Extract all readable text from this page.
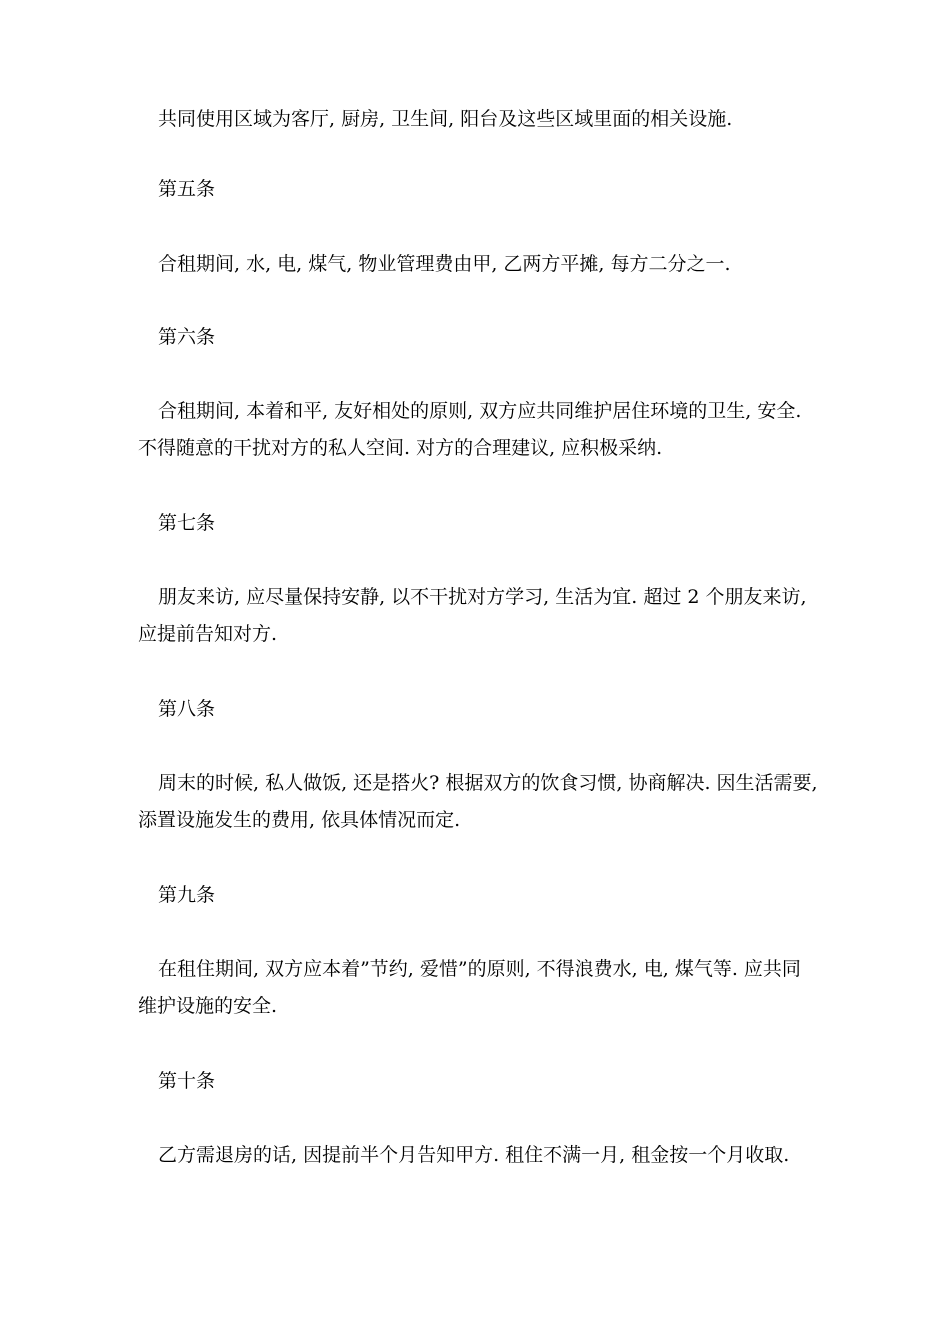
共同使用区域为客厅, 厨房, 卫生间, 阳台及这些区域里面的相关设施.
第五条
合租期间, 水, 电, 煤气, 物业管理费由甲, 乙两方平摊, 每方二分之一.
第六条
合租期间, 本着和平, 友好相处的原则, 双方应共同维护居住环境的卫生, 安全.
不得随意的干扰对方的私人空间. 对方的合理建议, 应积极采纳.
第七条
朋友来访, 应尽量保持安静, 以不干扰对方学习, 生活为宜. 超过 2 个朋友来访,
应提前告知对方.
第八条
周末的时候, 私人做饭, 还是搭火? 根据双方的饮食习惯, 协商解决. 因生活需要,
添置设施发生的费用, 依具体情况而定.
第九条
在租住期间, 双方应本着”节约, 爱惜”的原则, 不得浪费水, 电, 煤气等. 应共同
维护设施的安全.
第十条
乙方需退房的话, 因提前半个月告知甲方. 租住不满一月, 租金按一个月收取.
